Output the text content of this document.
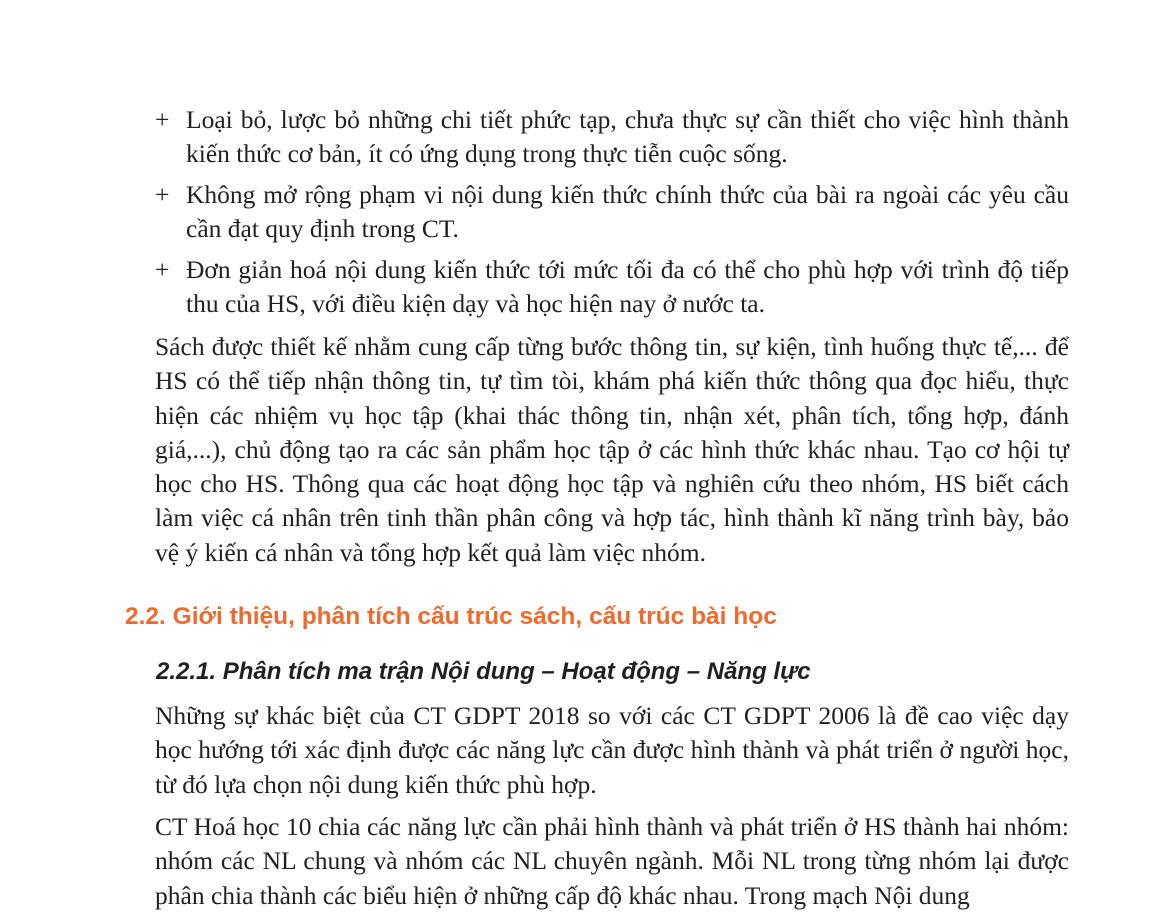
+ Loại bỏ, lược bỏ những chi tiết phức tạp, chưa thực sự cần thiết cho việc hình thành kiến thức cơ bản, ít có ứng dụng trong thực tiễn cuộc sống.
+ Không mở rộng phạm vi nội dung kiến thức chính thức của bài ra ngoài các yêu cầu cần đạt quy định trong CT.
+ Đơn giản hoá nội dung kiến thức tới mức tối đa có thể cho phù hợp với trình độ tiếp thu của HS, với điều kiện dạy và học hiện nay ở nước ta.

Sách được thiết kế nhằm cung cấp từng bước thông tin, sự kiện, tình huống thực tế,... để HS có thể tiếp nhận thông tin, tự tìm tòi, khám phá kiến thức thông qua đọc hiểu, thực hiện các nhiệm vụ học tập (khai thác thông tin, nhận xét, phân tích, tổng hợp, đánh giá,...), chủ động tạo ra các sản phẩm học tập ở các hình thức khác nhau. Tạo cơ hội tự học cho HS. Thông qua các hoạt động học tập và nghiên cứu theo nhóm, HS biết cách làm việc cá nhân trên tinh thần phân công và hợp tác, hình thành kĩ năng trình bày, bảo vệ ý kiến cá nhân và tổng hợp kết quả làm việc nhóm.

2.2. Giới thiệu, phân tích cấu trúc sách, cấu trúc bài học
2.2.1. Phân tích ma trận Nội dung – Hoạt động – Năng lực

Những sự khác biệt của CT GDPT 2018 so với các CT GDPT 2006 là đề cao việc dạy học hướng tới xác định được các năng lực cần được hình thành và phát triển ở người học, từ đó lựa chọn nội dung kiến thức phù hợp.

CT Hoá học 10 chia các năng lực cần phải hình thành và phát triển ở HS thành hai nhóm: nhóm các NL chung và nhóm các NL chuyên ngành. Mỗi NL trong từng nhóm lại được phân chia thành các biểu hiện ở những cấp độ khác nhau. Trong mạch Nội dung
